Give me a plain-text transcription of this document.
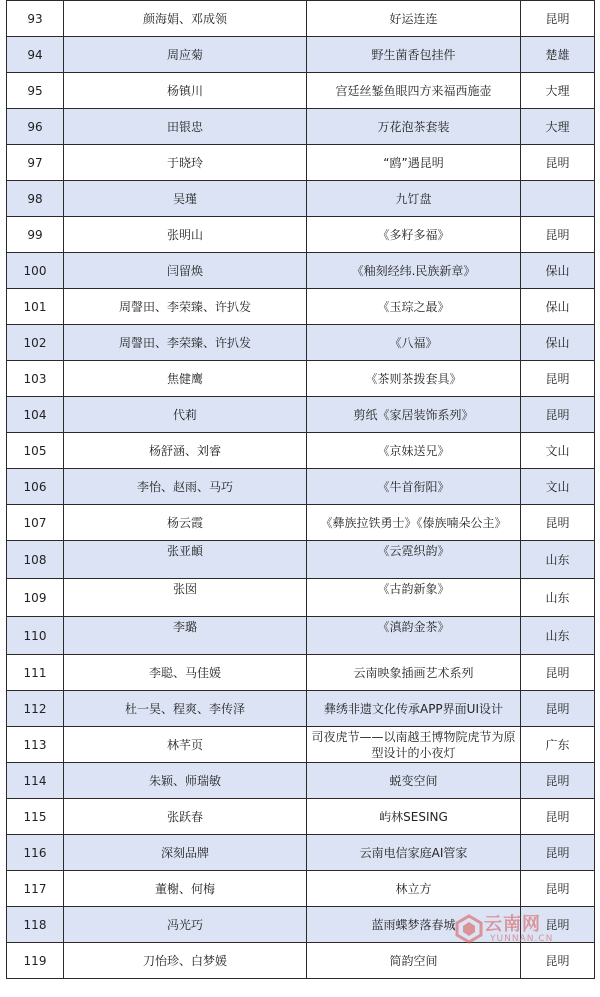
93	颜海娟、邓成领	好运连连	昆明
94	周应菊	野生菌香包挂件	楚雄
95	杨镇川	宫廷丝錾鱼眼四方来福西施壶	大理
96	田银忠	万花泡茶套装	大理
97	于晓玲	“鸥”遇昆明	昆明
98	吴瑾	九饤盘	
99	张明山	《多籽多福》	昆明
100	闫留焕	《釉刻经纬.民族新章》	保山
101	周謦田、李荣臻、许扒发	《玉琮之最》	保山
102	周謦田、李荣臻、许扒发	《八福》	保山
103	焦健鹰	《茶则茶拨套具》	昆明
104	代莉	剪纸《家居装饰系列》	昆明
105	杨舒涵、刘睿	《京妹送兄》	文山
106	李怡、赵雨、马巧	《牛首衔阳》	文山
107	杨云霞	《彝族拉铁勇士》《傣族喃朵公主》	昆明
108	张亚頔	《云霓织韵》	山东
109	张囡	《古韵新象》	山东
110	李璐	《滇韵金茶》	山东
111	李聪、马佳媛	云南映象插画艺术系列	昆明
112	杜一昊、程爽、李传泽	彝绣非遗文化传承APP界面UI设计	昆明
113	林芊页	司夜虎节——以南越王博物院虎节为原型设计的小夜灯	广东
114	朱颖、师瑞敏	蜕变空间	昆明
115	张跃春	屿林SESING	昆明
116	深刻品牌	云南电信家庭AI管家	昆明
117	董榭、何梅	林立方	昆明
118	冯光巧	蓝雨蝶梦落春城	昆明
119	刀怡珍、白梦媛	简韵空间	昆明
云南网
YUNNAN.CN
